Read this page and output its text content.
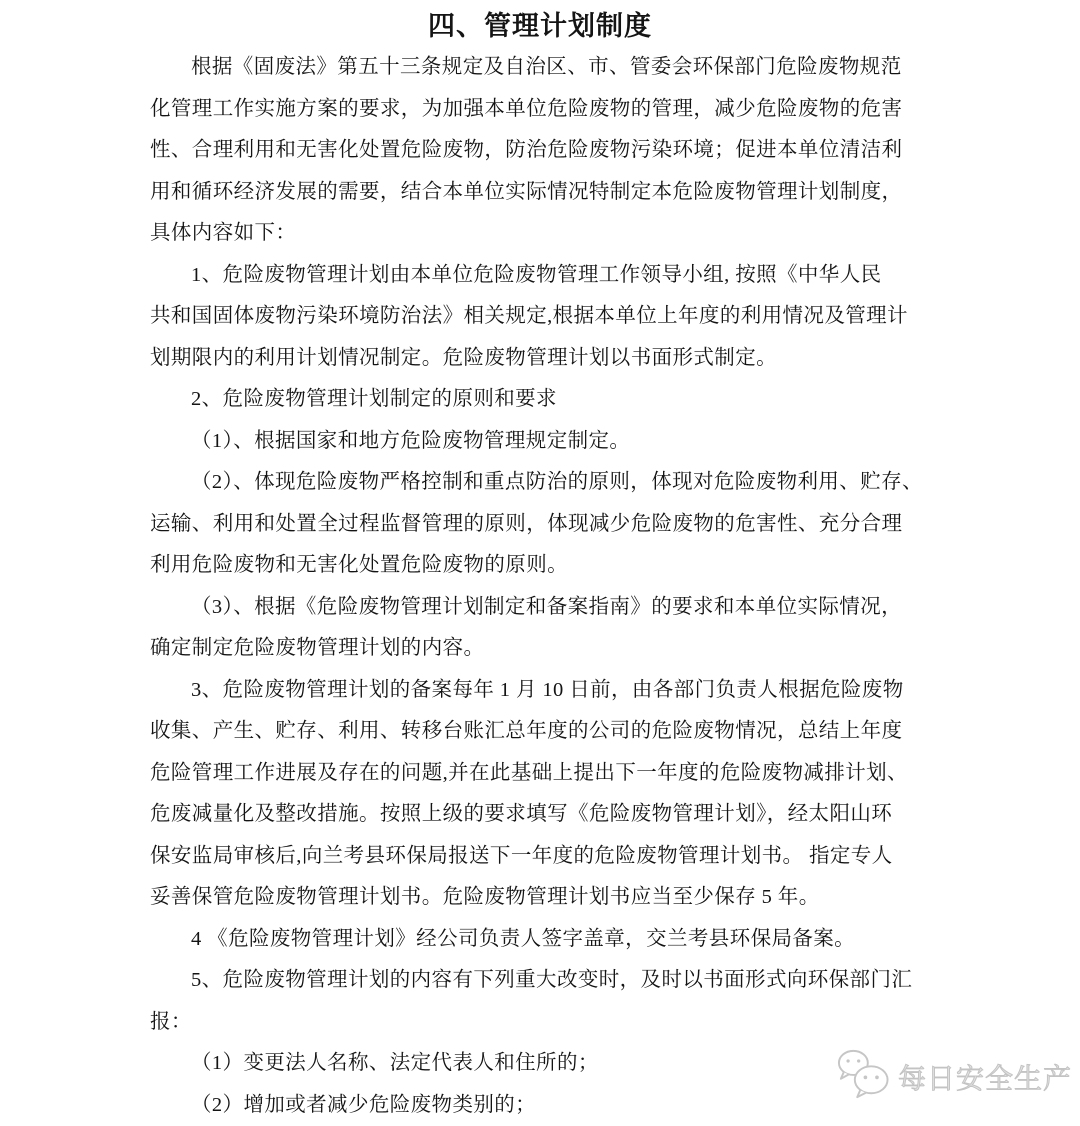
四、管理计划制度
根据《固废法》第五十三条规定及自治区、市、管委会环保部门危险废物规范
化管理工作实施方案的要求，为加强本单位危险废物的管理，减少危险废物的危害
性、合理利用和无害化处置危险废物，防治危险废物污染环境；促进本单位清洁利
用和循环经济发展的需要，结合本单位实际情况特制定本危险废物管理计划制度，
具体内容如下：
1、危险废物管理计划由本单位危险废物管理工作领导小组, 按照《中华人民
共和国固体废物污染环境防治法》相关规定,根据本单位上年度的利用情况及管理计
划期限内的利用计划情况制定。危险废物管理计划以书面形式制定。
2、危险废物管理计划制定的原则和要求
（1）、根据国家和地方危险废物管理规定制定。
（2）、体现危险废物严格控制和重点防治的原则，体现对危险废物利用、贮存、
运输、利用和处置全过程监督管理的原则，体现减少危险废物的危害性、充分合理
利用危险废物和无害化处置危险废物的原则。
（3）、根据《危险废物管理计划制定和备案指南》的要求和本单位实际情况，
确定制定危险废物管理计划的内容。
3、危险废物管理计划的备案每年 1 月 10 日前，由各部门负责人根据危险废物
收集、产生、贮存、利用、转移台账汇总年度的公司的危险废物情况，总结上年度
危险管理工作进展及存在的问题,并在此基础上提出下一年度的危险废物减排计划、
危废减量化及整改措施。按照上级的要求填写《危险废物管理计划》，经太阳山环
保安监局审核后,向兰考县环保局报送下一年度的危险废物管理计划书。 指定专人
妥善保管危险废物管理计划书。危险废物管理计划书应当至少保存 5 年。
4 《危险废物管理计划》经公司负责人签字盖章，交兰考县环保局备案。
5、危险废物管理计划的内容有下列重大改变时，及时以书面形式向环保部门汇
报：
（1）变更法人名称、法定代表人和住所的；
（2）增加或者减少危险废物类别的；
每日安全生产
